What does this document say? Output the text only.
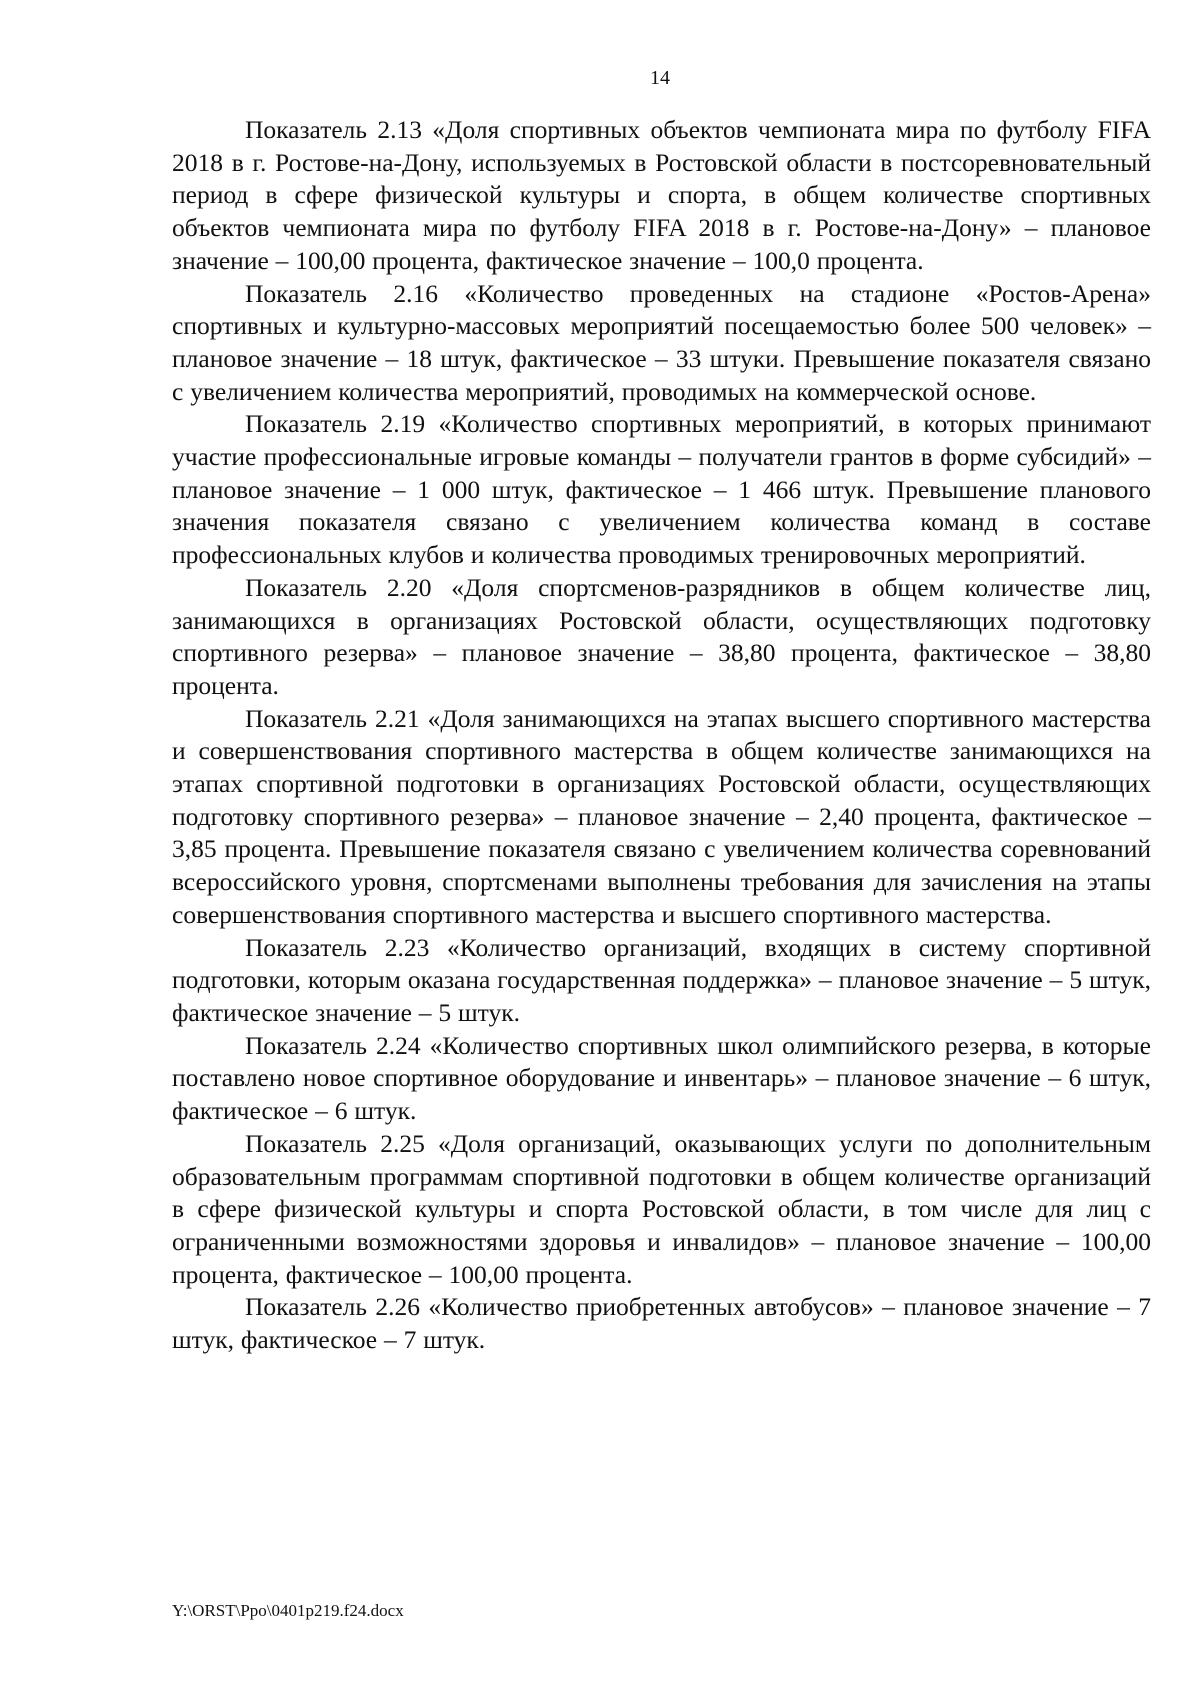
14

Показатель 2.13 «Доля спортивных объектов чемпионата мира по футболу FIFA 2018 в г. Ростове-на-Дону, используемых в Ростовской области в постсоревновательный период в сфере физической культуры и спорта, в общем количестве спортивных объектов чемпионата мира по футболу FIFA 2018 в г. Ростове-на-Дону» – плановое значение – 100,00 процента, фактическое значение – 100,0 процента.

Показатель 2.16 «Количество проведенных на стадионе «Ростов-Арена» спортивных и культурно-массовых мероприятий посещаемостью более 500 человек» – плановое значение – 18 штук, фактическое – 33 штуки. Превышение показателя связано с увеличением количества мероприятий, проводимых на коммерческой основе.

Показатель 2.19 «Количество спортивных мероприятий, в которых принимают участие профессиональные игровые команды – получатели грантов в форме субсидий» – плановое значение – 1 000 штук, фактическое – 1 466 штук. Превышение планового значения показателя связано с увеличением количества команд в составе профессиональных клубов и количества проводимых тренировочных мероприятий.

Показатель 2.20 «Доля спортсменов-разрядников в общем количестве лиц, занимающихся в организациях Ростовской области, осуществляющих подготовку спортивного резерва» – плановое значение – 38,80 процента, фактическое – 38,80 процента.

Показатель 2.21 «Доля занимающихся на этапах высшего спортивного мастерства и совершенствования спортивного мастерства в общем количестве занимающихся на этапах спортивной подготовки в организациях Ростовской области, осуществляющих подготовку спортивного резерва» – плановое значение – 2,40 процента, фактическое – 3,85 процента. Превышение показателя связано с увеличением количества соревнований всероссийского уровня, спортсменами выполнены требования для зачисления на этапы совершенствования спортивного мастерства и высшего спортивного мастерства.

Показатель 2.23 «Количество организаций, входящих в систему спортивной подготовки, которым оказана государственная поддержка» – плановое значение – 5 штук, фактическое значение – 5 штук.

Показатель 2.24 «Количество спортивных школ олимпийского резерва, в которые поставлено новое спортивное оборудование и инвентарь» – плановое значение – 6 штук, фактическое – 6 штук.

Показатель 2.25 «Доля организаций, оказывающих услуги по дополнительным образовательным программам спортивной подготовки в общем количестве организаций в сфере физической культуры и спорта Ростовской области, в том числе для лиц с ограниченными возможностями здоровья и инвалидов» – плановое значение – 100,00 процента, фактическое – 100,00 процента.

Показатель 2.26 «Количество приобретенных автобусов» – плановое значение – 7 штук, фактическое – 7 штук.

Y:\ORST\Ppo\0401p219.f24.docx
